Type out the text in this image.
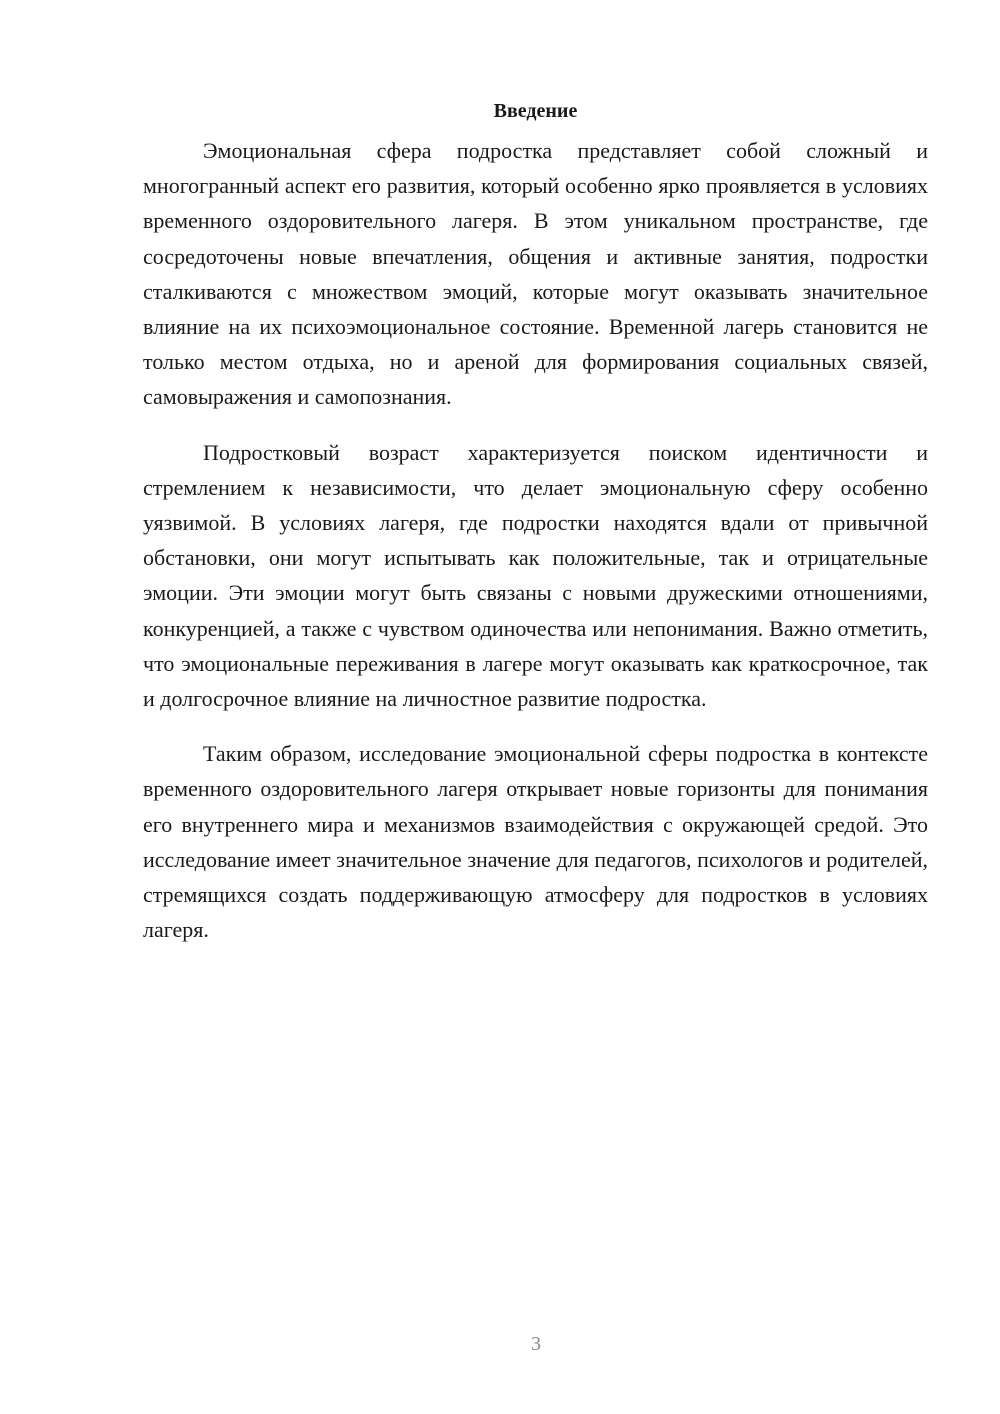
Введение

Эмоциональная сфера подростка представляет собой сложный и многогранный аспект его развития, который особенно ярко проявляется в условиях временного оздоровительного лагеря. В этом уникальном пространстве, где сосредоточены новые впечатления, общения и активные занятия, подростки сталкиваются с множеством эмоций, которые могут оказывать значительное влияние на их психоэмоциональное состояние. Временной лагерь становится не только местом отдыха, но и ареной для формирования социальных связей, самовыражения и самопознания.

Подростковый возраст характеризуется поиском идентичности и стремлением к независимости, что делает эмоциональную сферу особенно уязвимой. В условиях лагеря, где подростки находятся вдали от привычной обстановки, они могут испытывать как положительные, так и отрицательные эмоции. Эти эмоции могут быть связаны с новыми дружескими отношениями, конкуренцией, а также с чувством одиночества или непонимания. Важно отметить, что эмоциональные переживания в лагере могут оказывать как краткосрочное, так и долгосрочное влияние на личностное развитие подростка.

Таким образом, исследование эмоциональной сферы подростка в контексте временного оздоровительного лагеря открывает новые горизонты для понимания его внутреннего мира и механизмов взаимодействия с окружающей средой. Это исследование имеет значительное значение для педагогов, психологов и родителей, стремящихся создать поддерживающую атмосферу для подростков в условиях лагеря.

3
